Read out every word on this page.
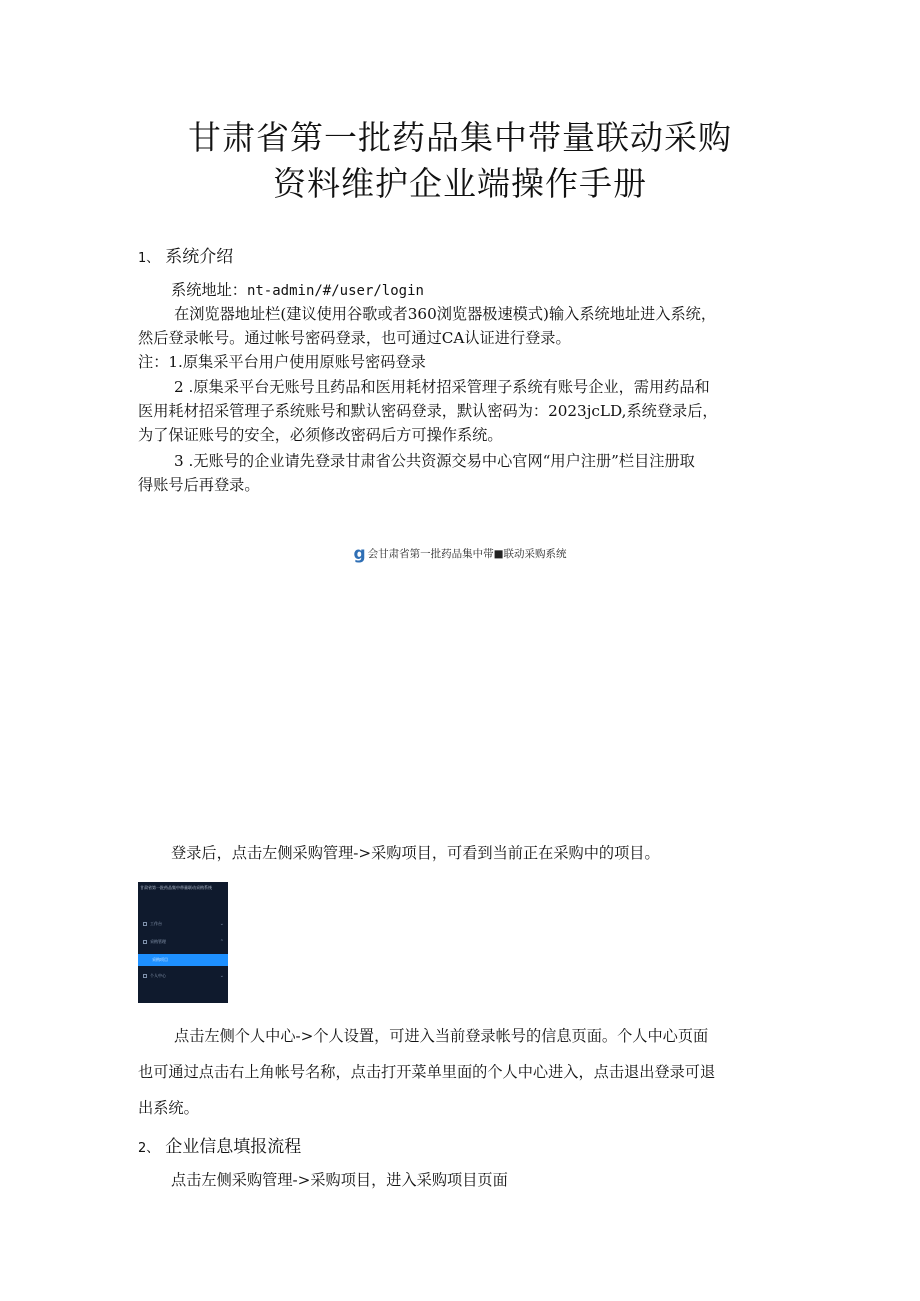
甘肃省第一批药品集中带量联动采购
资料维护企业端操作手册
1、 系统介绍
系统地址：nt-admin/#/user/login
在浏览器地址栏(建议使用谷歌或者360浏览器极速模式)输入系统地址进入系统，
然后登录帐号。通过帐号密码登录，也可通过CA认证进行登录。
注：1.原集采平台用户使用原账号密码登录
2 .原集采平台无账号且药品和医用耗材招采管理子系统有账号企业，需用药品和
医用耗材招采管理子系统账号和默认密码登录，默认密码为：2023jcLD,系统登录后，
为了保证账号的安全，必须修改密码后方可操作系统。
3 .无账号的企业请先登录甘肃省公共资源交易中心官网“用户注册”栏目注册取
得账号后再登录。
g会甘肃省第一批药品集中带■联动采购系统
登录后，点击左侧采购管理->采购项目，可看到当前正在采购中的项目。
甘肃省第一批药品集中带量联动采购系统
工作台	⌄
采购管理	⌃
采购项目
个人中心	⌄
点击左侧个人中心->个人设置，可进入当前登录帐号的信息页面。个人中心页面
也可通过点击右上角帐号名称，点击打开菜单里面的个人中心进入，点击退出登录可退
出系统。
2、 企业信息填报流程
点击左侧采购管理->采购项目，进入采购项目页面
